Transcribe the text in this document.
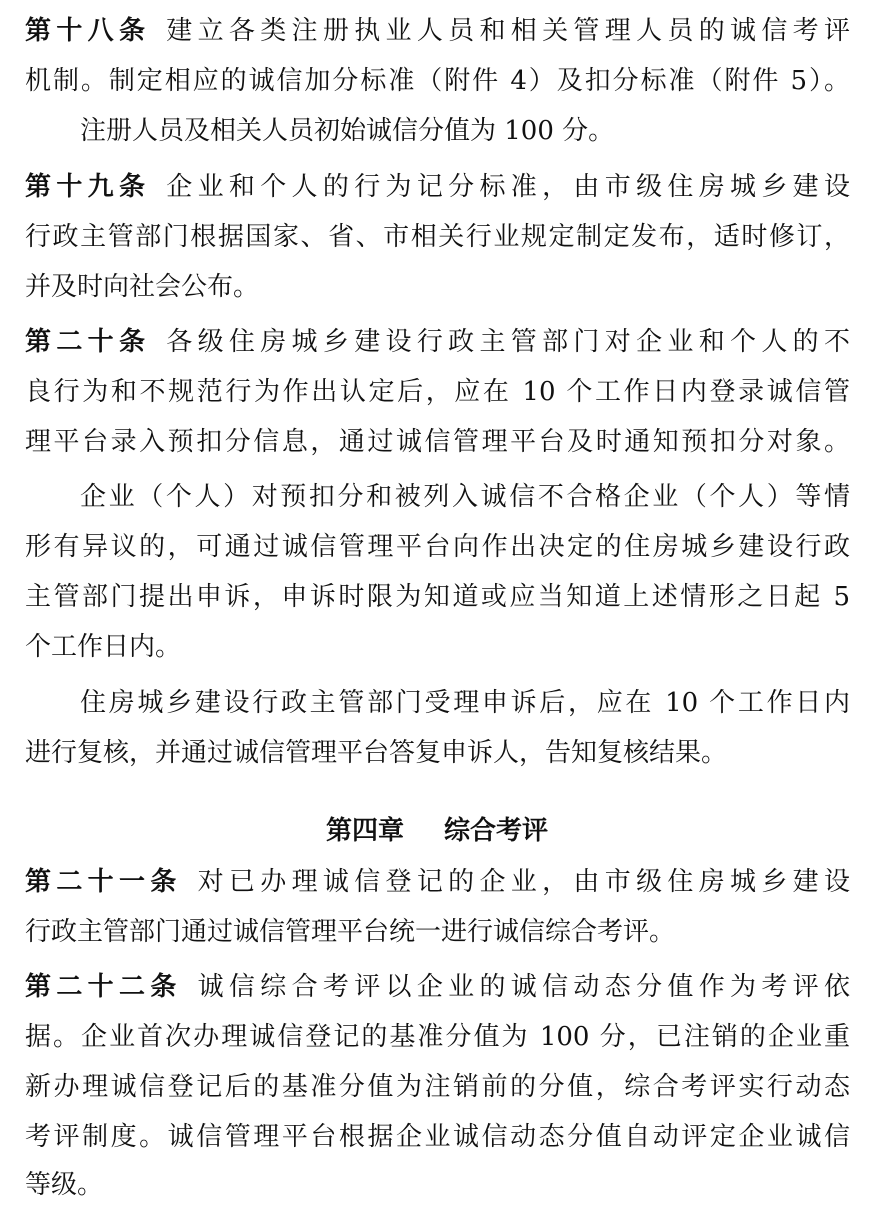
第十八条 建立各类注册执业人员和相关管理人员的诚信考评
机制。制定相应的诚信加分标准（附件 4）及扣分标准（附件 5）。
注册人员及相关人员初始诚信分值为 100 分。
第十九条 企业和个人的行为记分标准，由市级住房城乡建设
行政主管部门根据国家、省、市相关行业规定制定发布，适时修订，
并及时向社会公布。
第二十条 各级住房城乡建设行政主管部门对企业和个人的不
良行为和不规范行为作出认定后，应在 10 个工作日内登录诚信管
理平台录入预扣分信息，通过诚信管理平台及时通知预扣分对象。
企业（个人）对预扣分和被列入诚信不合格企业（个人）等情
形有异议的，可通过诚信管理平台向作出决定的住房城乡建设行政
主管部门提出申诉，申诉时限为知道或应当知道上述情形之日起 5
个工作日内。
住房城乡建设行政主管部门受理申诉后，应在 10 个工作日内
进行复核，并通过诚信管理平台答复申诉人，告知复核结果。
第四章 综合考评
第二十一条 对已办理诚信登记的企业，由市级住房城乡建设
行政主管部门通过诚信管理平台统一进行诚信综合考评。
第二十二条 诚信综合考评以企业的诚信动态分值作为考评依
据。企业首次办理诚信登记的基准分值为 100 分，已注销的企业重
新办理诚信登记后的基准分值为注销前的分值，综合考评实行动态
考评制度。诚信管理平台根据企业诚信动态分值自动评定企业诚信
等级。
